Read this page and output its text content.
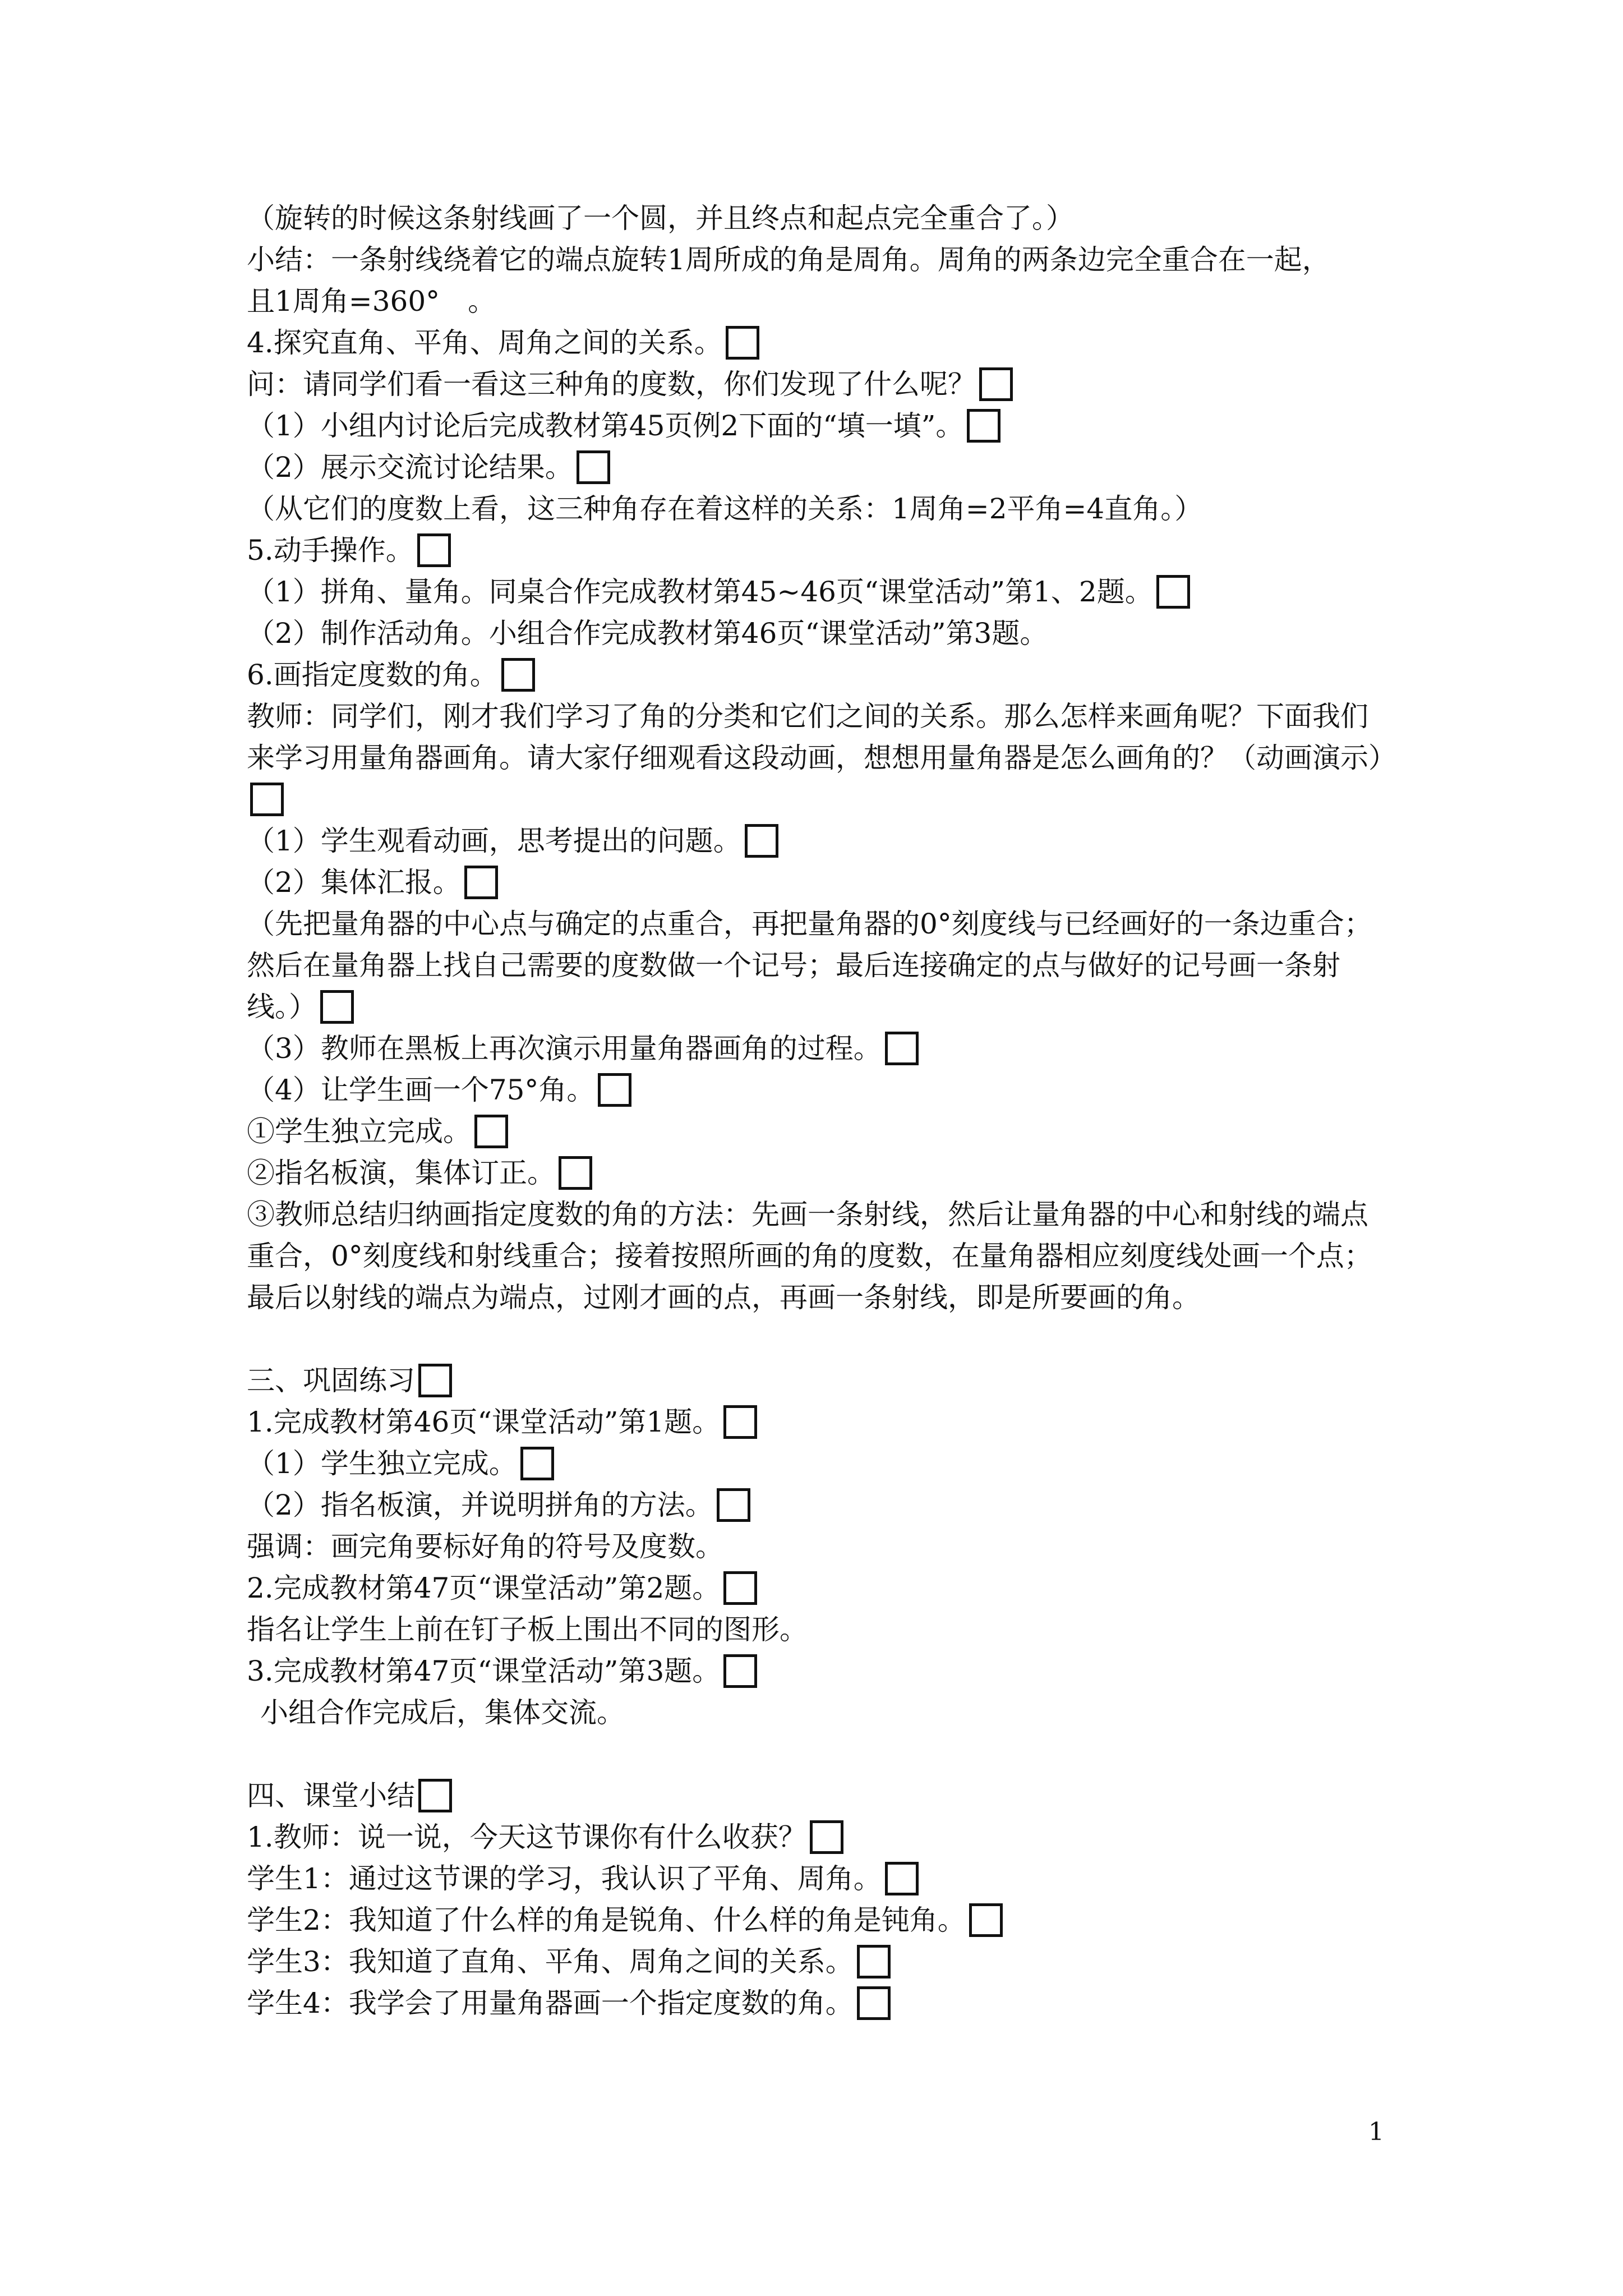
（旋转的时候这条射线画了一个圆，并且终点和起点完全重合了。）
小结：一条射线绕着它的端点旋转1周所成的角是周角。周角的两条边完全重合在一起，
且1周角=360°　。
4.探究直角、平角、周角之间的关系。
问：请同学们看一看这三种角的度数，你们发现了什么呢？
（1）小组内讨论后完成教材第45页例2下面的“填一填”。
（2）展示交流讨论结果。
（从它们的度数上看，这三种角存在着这样的关系：1周角=2平角=4直角。）
5.动手操作。
（1）拼角、量角。同桌合作完成教材第45~46页“课堂活动”第1、2题。
（2）制作活动角。小组合作完成教材第46页“课堂活动”第3题。
6.画指定度数的角。
教师：同学们，刚才我们学习了角的分类和它们之间的关系。那么怎样来画角呢？下面我们
来学习用量角器画角。请大家仔细观看这段动画，想想用量角器是怎么画角的？（动画演示）
（1）学生观看动画，思考提出的问题。
（2）集体汇报。
（先把量角器的中心点与确定的点重合，再把量角器的0°刻度线与已经画好的一条边重合；
然后在量角器上找自己需要的度数做一个记号；最后连接确定的点与做好的记号画一条射
线。）
（3）教师在黑板上再次演示用量角器画角的过程。
（4）让学生画一个75°角。
①学生独立完成。
②指名板演，集体订正。
③教师总结归纳画指定度数的角的方法：先画一条射线，然后让量角器的中心和射线的端点
重合，0°刻度线和射线重合；接着按照所画的角的度数，在量角器相应刻度线处画一个点；
最后以射线的端点为端点，过刚才画的点，再画一条射线，即是所要画的角。
三、巩固练习
1.完成教材第46页“课堂活动”第1题。
（1）学生独立完成。
（2）指名板演，并说明拼角的方法。
强调：画完角要标好角的符号及度数。
2.完成教材第47页“课堂活动”第2题。
指名让学生上前在钉子板上围出不同的图形。
3.完成教材第47页“课堂活动”第3题。
小组合作完成后，集体交流。
四、课堂小结
1.教师：说一说，今天这节课你有什么收获？
学生1：通过这节课的学习，我认识了平角、周角。
学生2：我知道了什么样的角是锐角、什么样的角是钝角。
学生3：我知道了直角、平角、周角之间的关系。
学生4：我学会了用量角器画一个指定度数的角。
1
